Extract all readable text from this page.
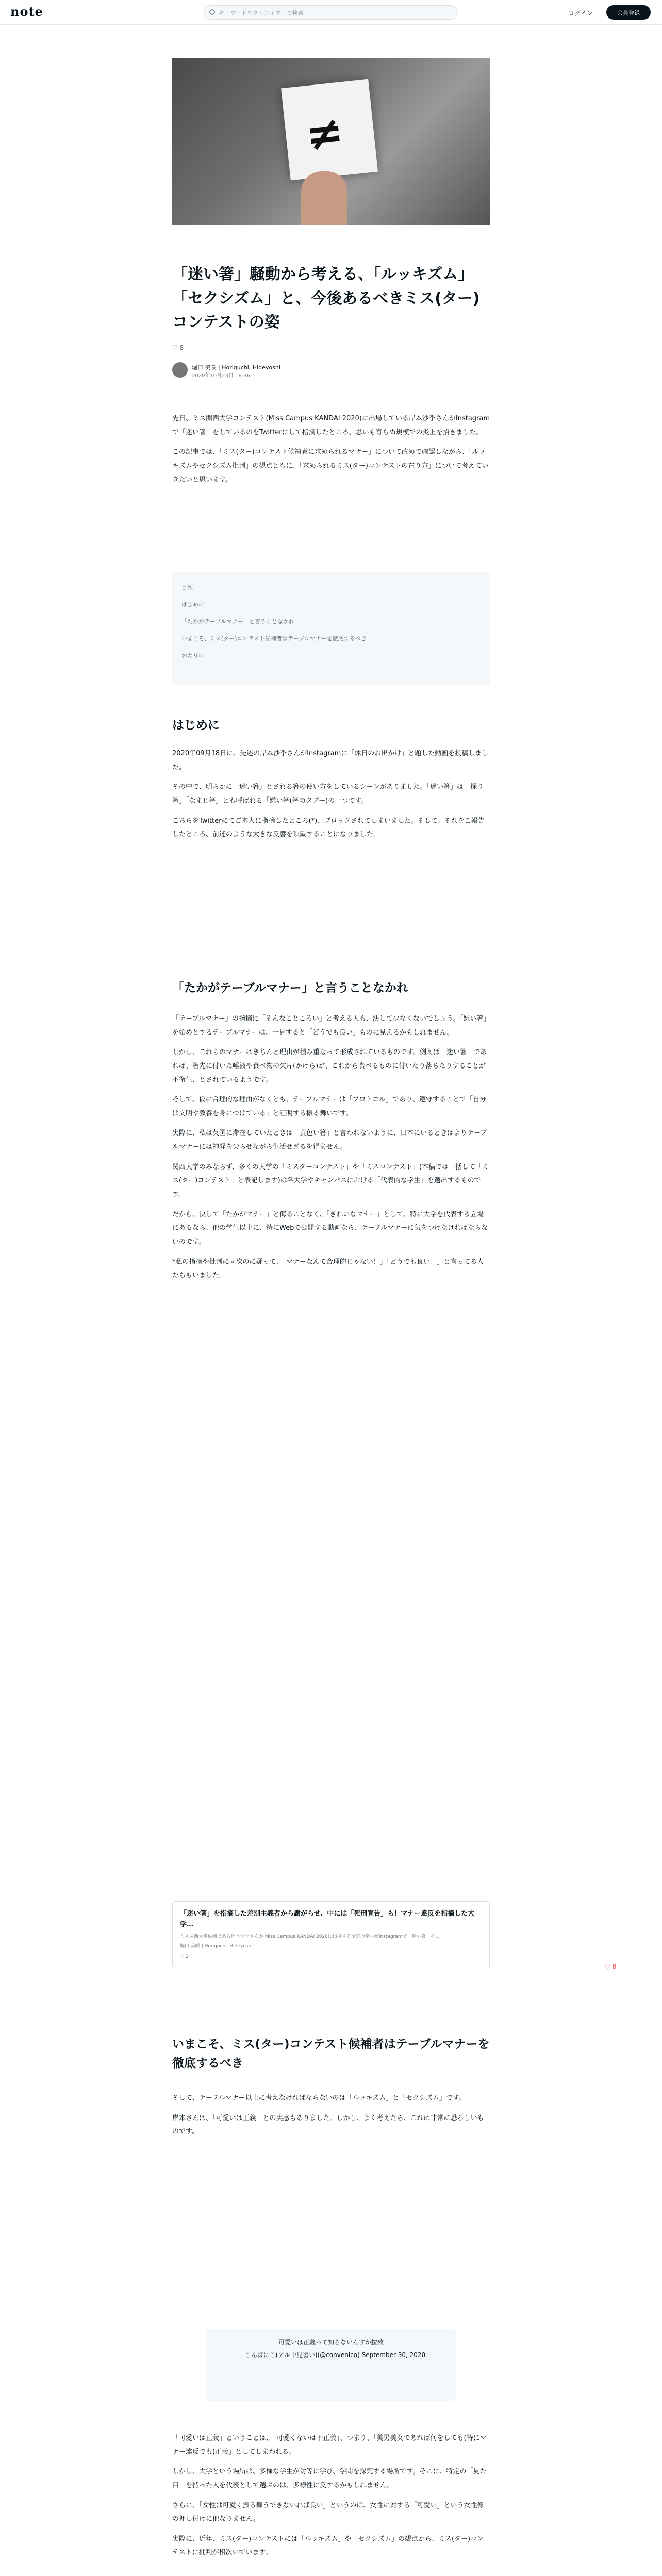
note	キーワードやクリエイターで検索	ログイン	会員登録
≠
「迷い箸」騒動から考える、「ルッキズム」「セクシズム」と、今後あるべきミス(ター)コンテストの姿
♡ 8
堀口 美咲 | Horiguchi, Hideyoshi
2020年10月23日 18:36

先日、ミス関西大学コンテスト(Miss Campus KANDAI 2020)に出場している岸本沙季さんがInstagramで「迷い箸」をしているのをTwitterにして指摘したところ、思いも寄らぬ規模での炎上を招きました。

この記事では、「ミス(ター)コンテスト候補者に求められるマナー」について改めて確認しながら、「ルッキズムやセクシズム批判」の観点ともに、「求められるミス(ター)コンテストの在り方」について考えていきたいと思います。

目次
はじめに
「たかがテーブルマナー」と言うことなかれ
いまこそ、ミス(ター)コンテスト候補者はテーブルマナーを徹底するべき
おわりに
はじめに

2020年09月18日に、先述の岸本沙季さんがInstagramに「休日のお出かけ」と題した動画を投稿しました。

その中で、明らかに「迷い箸」とされる箸の使い方をしているシーンがありました。「迷い箸」は「探り箸」「なまじ箸」とも呼ばれる「嫌い箸(箸のタブー)の一つです。

こちらをTwitterにてご本人に指摘したところ(*)、ブロックされてしまいました。そして、それをご報告したところ、前述のような大きな反響を頂戴することになりました。

「たかがテーブルマナー」と言うことなかれ

「テーブルマナー」の指摘に「そんなこところい」と考える人も、決して少なくないでしょう。「嫌い箸」を始めとするテーブルマナーは、一見すると「どうでも良い」ものに見えるかもしれません。

しかし、これらのマナーはきちんと理由が積み重なって形成されているものです。例えば「迷い箸」であれば、箸先に付いた唾液や食べ物の欠片(かけら)が、これから食べるものに付いたり落ちたりすることが不衛生、とされているようです。

そして、仮に合理的な理由がなくとも、テーブルマナーは「プロトコル」であり、遵守することで「自分は文明や教養を身につけている」と証明する振る舞いです。

実際に、私は英国に滞在していたときは「黄色い箸」と言われないように、日本にいるときはよりテーブルマナーには神経を尖らせながら生活せざるを得ません。

関西大学のみならず、多くの大学の「ミスターコンテスト」や「ミスコンテスト」(本稿では一括して「ミス(ター)コンテスト」と表記します)は各大学やキャンパスにおける「代表的な学生」を選出するものです。

だから、決して「たかがマナー」と侮ることなく、「きれいなマナー」として、特に大学を代表する立場にあるなら、他の学生以上に、特にWebで公開する動画なら、テーブルマナーに気をつけなければならないのです。

*私の指摘や批判に同次のに疑って、「マナーなんて合理的じゃない！」「どうでも良い！」と言ってる人たちもいました。

「迷い箸」を指摘した差別主義者から謝がらせ、中には「死刑宣告」も！マナー違反を指摘した大学…
ミス関西大学候補である岸本沙季さんが Miss Campus KANDAI 2020に出場する予定の学生がInstagramで「迷い箸」を…
堀口 美咲 | Horiguchi, Hideyoshi
♡ 2
♡ 8
いまこそ、ミス(ター)コンテスト候補者はテーブルマナーを徹底するべき

そして、テーブルマナー以上に考えなければならないのは「ルッキズム」と「セクシズム」です。

岸本さんは、「可愛いは正義」との実感もありました。しかし、よく考えたら、これは非常に恐ろしいものです。

可愛いは正義って知らないんすか拉致
— こんばにこ(アル中見習い)(@convenico) September 30, 2020

「可愛いは正義」ということは、「可愛くないは不正義」、つまり、「美男美女であれば何をしても(特にマナー違反でも)正義」としてしまわれる。

しかし、大学という場所は、多様な学生が対等に学び、学問を探究する場所です。そこに、特定の「見た目」を持った人を代表として選ぶのは、多様性に反するかもしれません。

さらに、「女性は可愛く振る舞うできないれば良い」というのは、女性に対する「可愛い」という女性像の押し付けに他なりません。

実際に、近年、ミス(ター)コンテストには「ルッキズム」や「セクシズム」の観点から、ミス(ター)コンテストに批判が相次いでいます。
